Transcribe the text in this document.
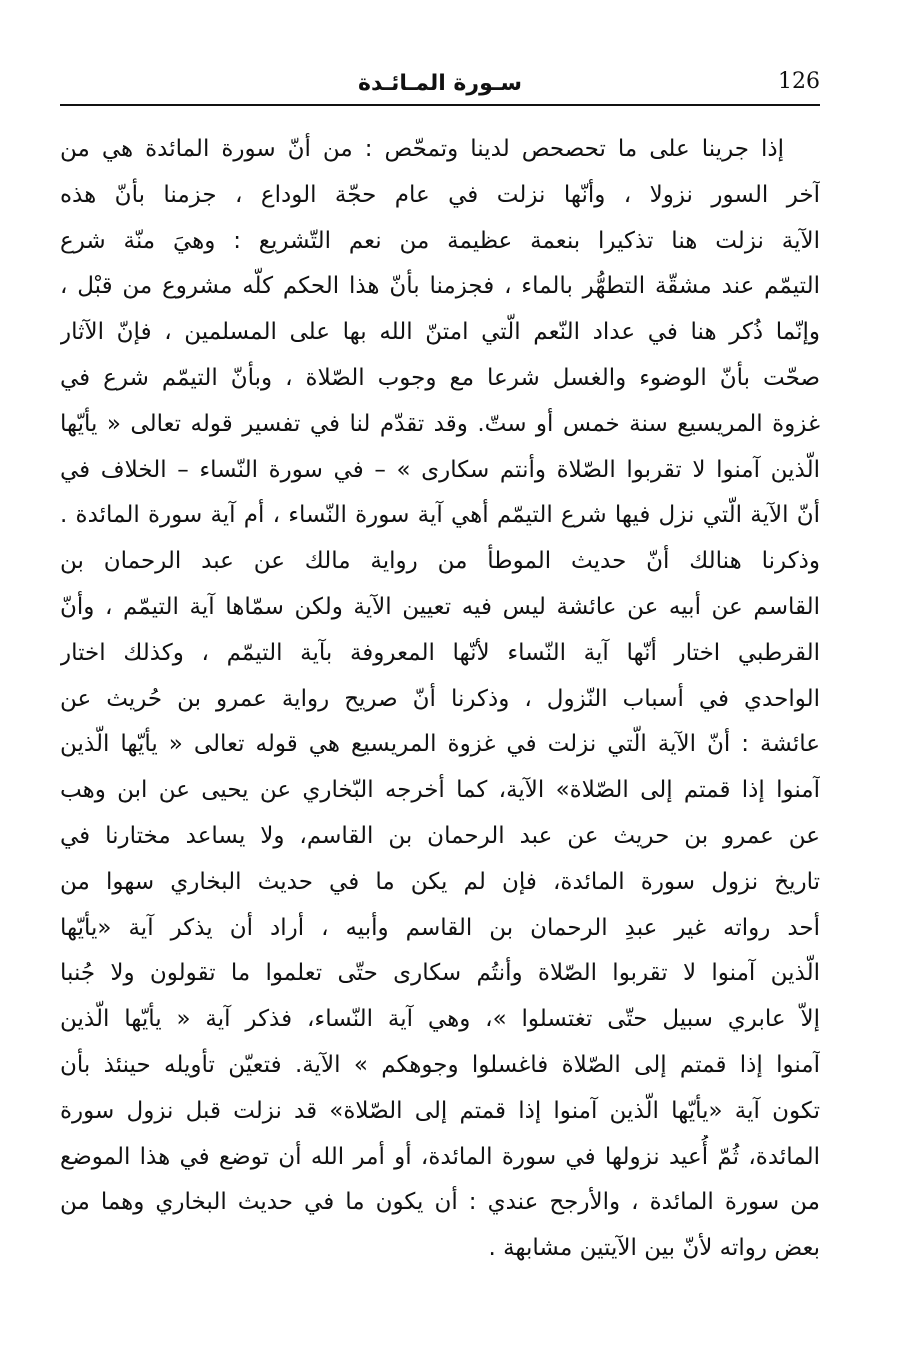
126
سـورة المـائـدة
إذا جرينا على ما تحصحص لدينا وتمحّص : من أنّ سورة المائدة هي من
آخر السور نزولا ، وأنّها نزلت في عام حجّة الوداع ، جزمنا بأنّ هذه
الآية نزلت هنا تذكيرا بنعمة عظيمة من نعم التّشريع : وهيَ منّة شرع
التيمّم عند مشقّة التطهُّر بالماء ، فجزمنا بأنّ هذا الحكم كلّه مشروع من قبْل ،
وإنّما ذُكر هنا في عداد النّعم الّتي امتنّ الله بها على المسلمين ، فإنّ الآثار
صحّت بأنّ الوضوء والغسل شرعا مع وجوب الصّلاة ، وبأنّ التيمّم شرع في
غزوة المريسيع سنة خمس أو ستّ. وقد تقدّم لنا في تفسير قوله تعالى « يأيّها
الّذين آمنوا لا تقربوا الصّلاة وأنتم سكارى » – في سورة النّساء – الخلاف في
أنّ الآية الّتي نزل فيها شرع التيمّم أهي آية سورة النّساء ، أم آية سورة المائدة .
وذكرنا هنالك أنّ حديث الموطأ من رواية مالك عن عبد الرحمان بن
القاسم عن أبيه عن عائشة ليس فيه تعيين الآية ولكن سمّاها آية التيمّم ، وأنّ
القرطبي اختار أنّها آية النّساء لأنّها المعروفة بآية التيمّم ، وكذلك اختار
الواحدي في أسباب النّزول ، وذكرنا أنّ صريح رواية عمرو بن حُريث عن
عائشة : أنّ الآية الّتي نزلت في غزوة المريسيع هي قوله تعالى « يأيّها الّذين
آمنوا إذا قمتم إلى الصّلاة» الآية، كما أخرجه البّخاري عن يحيى عن ابن وهب
عن عمرو بن حريث عن عبد الرحمان بن القاسم، ولا يساعد مختارنا في
تاريخ نزول سورة المائدة، فإن لم يكن ما في حديث البخاري سهوا من
أحد رواته غير عبدِ الرحمان بن القاسم وأبيه ، أراد أن يذكر آية «يأيّها
الّذين آمنوا لا تقربوا الصّلاة وأنتُم سكارى حتّى تعلموا ما تقولون ولا جُنبا
إلاّ عابري سبيل حتّى تغتسلوا »، وهي آية النّساء، فذكر آية « يأيّها الّذين
آمنوا إذا قمتم إلى الصّلاة فاغسلوا وجوهكم » الآية. فتعيّن تأويله حينئذ بأن
تكون آية «يأيّها الّذين آمنوا إذا قمتم إلى الصّلاة» قد نزلت قبل نزول سورة
المائدة، ثُمّ أُعيد نزولها في سورة المائدة، أو أمر الله أن توضع في هذا الموضع
من سورة المائدة ، والأرجح عندي : أن يكون ما في حديث البخاري وهما من
بعض رواته لأنّ بين الآيتين مشابهة .
